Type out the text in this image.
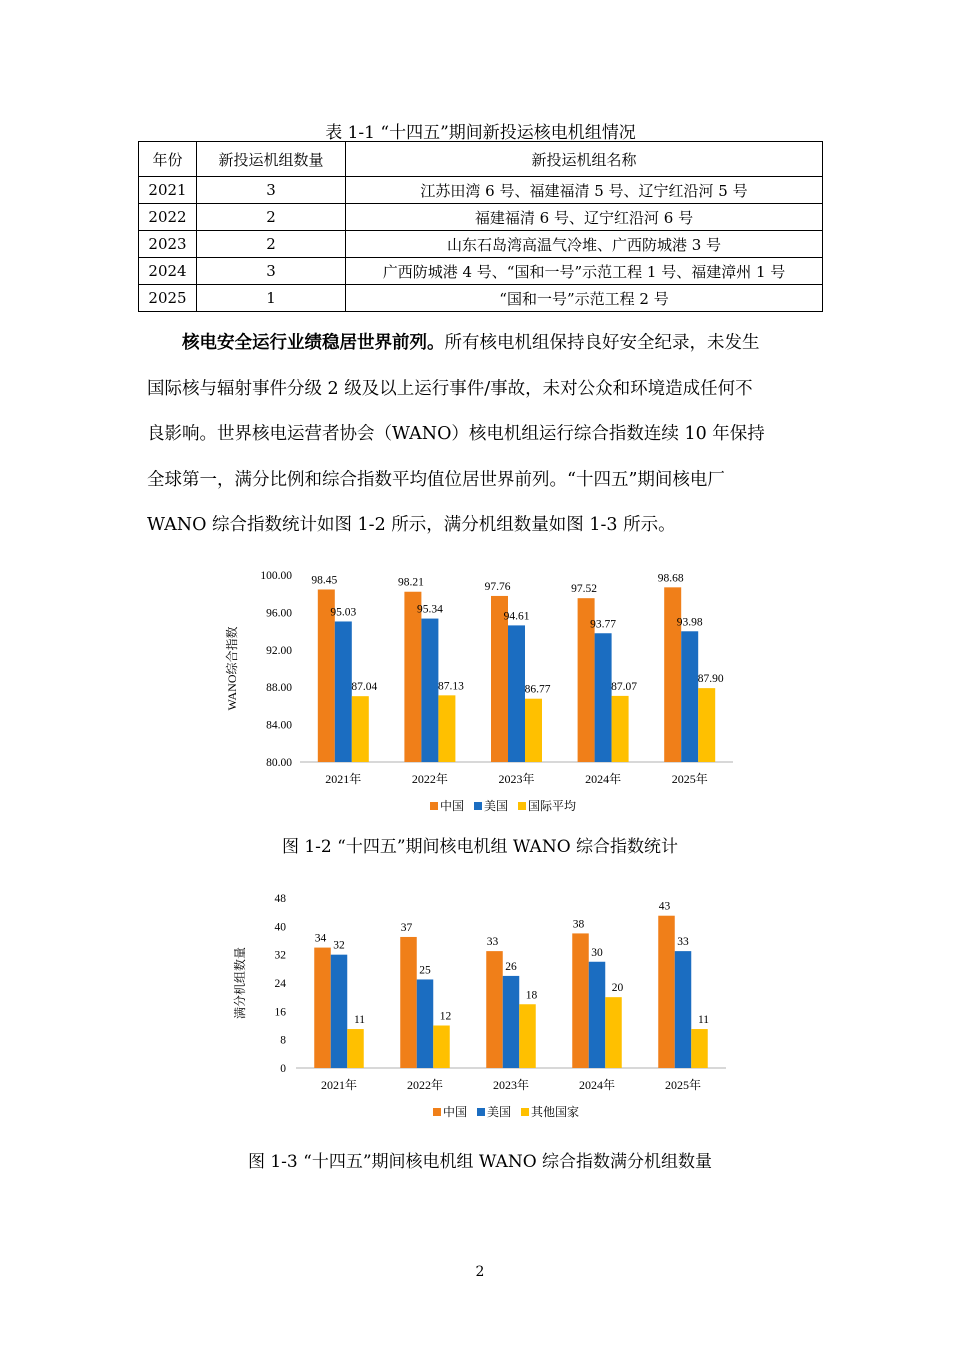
表 1-1 “十四五”期间新投运核电机组情况
年份	新投运机组数量	新投运机组名称
2021	3	江苏田湾 6 号、福建福清 5 号、辽宁红沿河 5 号
2022	2	福建福清 6 号、辽宁红沿河 6 号
2023	2	山东石岛湾高温气冷堆、广西防城港 3 号
2024	3	广西防城港 4 号、“国和一号”示范工程 1 号、福建漳州 1 号
2025	1	“国和一号”示范工程 2 号

　　核电安全运行业绩稳居世界前列。所有核电机组保持良好安全纪录，未发生
国际核与辐射事件分级 2 级及以上运行事件/事故，未对公众和环境造成任何不
良影响。世界核电运营者协会（WANO）核电机组运行综合指数连续 10 年保持
全球第一，满分比例和综合指数平均值位居世界前列。“十四五”期间核电厂
WANO 综合指数统计如图 1-2 所示，满分机组数量如图 1-3 所示。

100.00
96.00
92.00
88.00
84.00
80.00
WANO综合指数
2021年
98.45
95.03
87.04
2022年
98.21
95.34
87.13
2023年
97.76
94.61
86.77
2024年
97.52
93.77
87.07
2025年
98.68
93.98
87.90
中国 美国 国际平均
图 1-2 “十四五”期间核电机组 WANO 综合指数统计
48
40
32
24
16
8
0
满分机组数量
2021年
34
32
11
2022年
37
25
12
2023年
33
26
18
2024年
38
30
20
2025年
43
33
11
中国 美国 其他国家
图 1-3 “十四五”期间核电机组 WANO 综合指数满分机组数量
2
